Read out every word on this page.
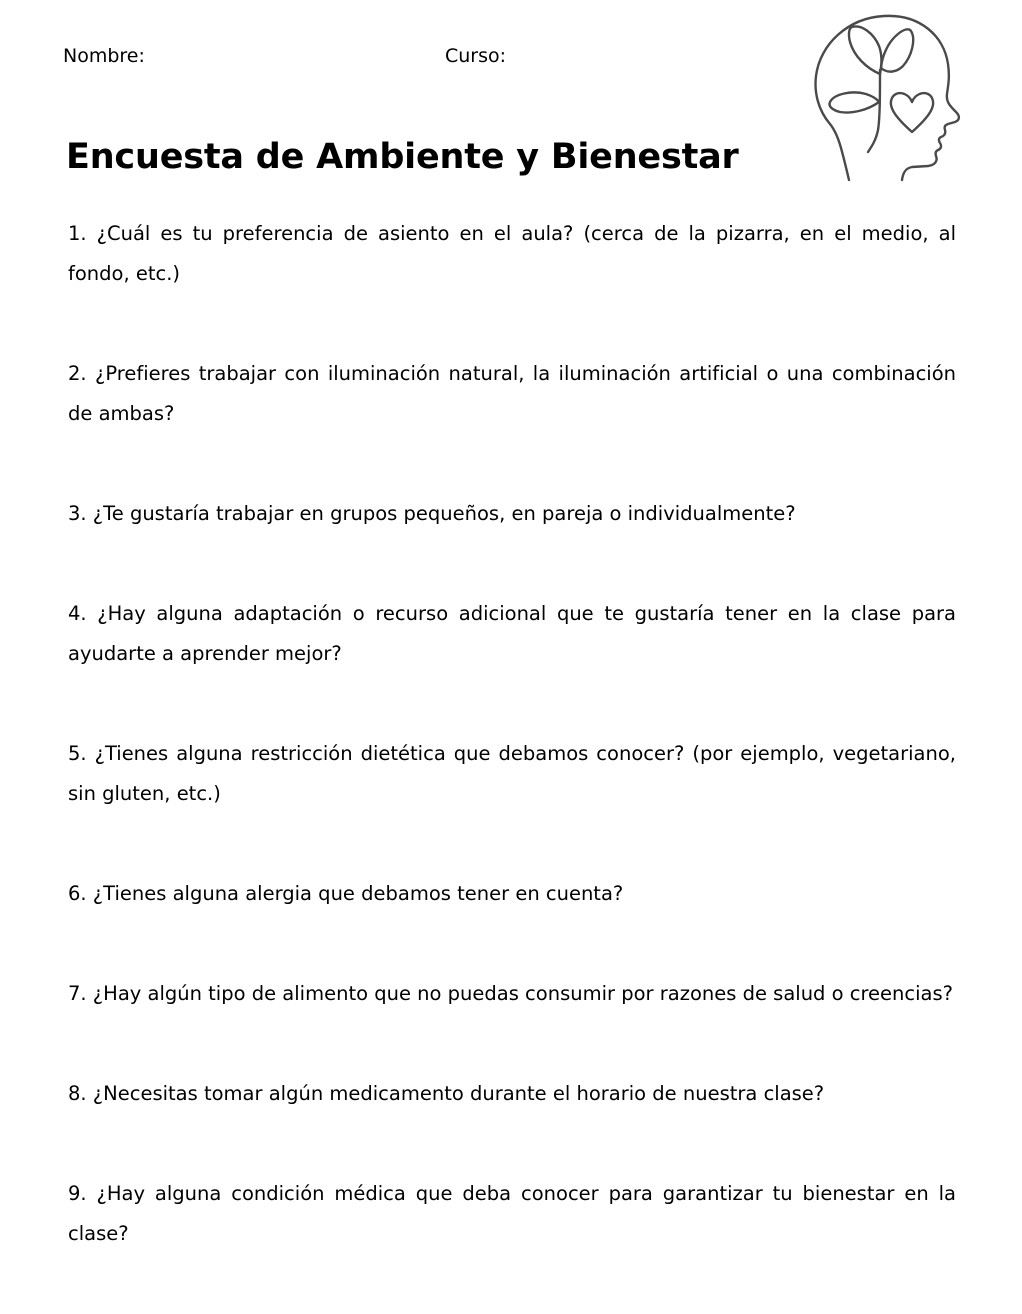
Nombre:	Curso:
Encuesta de Ambiente y Bienestar

1. ¿Cuál es tu preferencia de asiento en el aula? (cerca de la pizarra, en el medio, al fondo, etc.)

2. ¿Prefieres trabajar con iluminación natural, la iluminación artificial o una combinación de ambas?

3. ¿Te gustaría trabajar en grupos pequeños, en pareja o individualmente?

4. ¿Hay alguna adaptación o recurso adicional que te gustaría tener en la clase para ayudarte a aprender mejor?

5. ¿Tienes alguna restricción dietética que debamos conocer? (por ejemplo, vegetariano, sin gluten, etc.)

6. ¿Tienes alguna alergia que debamos tener en cuenta?

7. ¿Hay algún tipo de alimento que no puedas consumir por razones de salud o creencias?

8. ¿Necesitas tomar algún medicamento durante el horario de nuestra clase?

9. ¿Hay alguna condición médica que deba conocer para garantizar tu bienestar en la clase?
